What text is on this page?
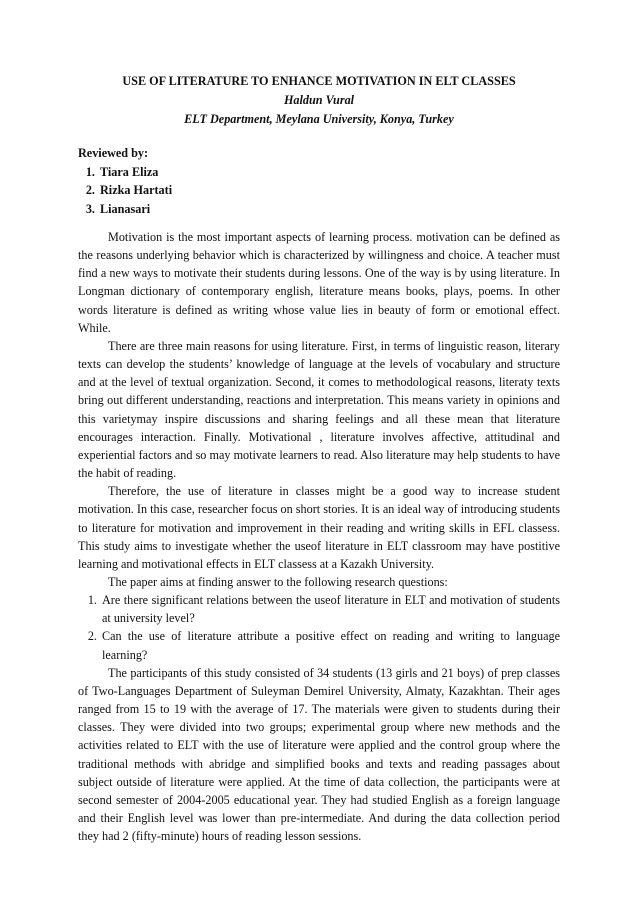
USE OF LITERATURE TO ENHANCE MOTIVATION IN ELT CLASSES

Haldun Vural

ELT Department, Meylana University, Konya, Turkey

Reviewed by:
1. Tiara Eliza
2. Rizka Hartati
3. Lianasari

Motivation is the most important aspects of learning process. motivation can be defined as the reasons underlying behavior which is characterized by willingness and choice. A teacher must find a new ways to motivate their students during lessons. One of the way is by using literature. In Longman dictionary of contemporary english, literature means books, plays, poems. In other words literature is defined as writing whose value lies in beauty of form or emotional effect. While.

There are three main reasons for using literature. First, in terms of linguistic reason, literary texts can develop the students’ knowledge of language at the levels of vocabulary and structure and at the level of textual organization. Second, it comes to methodological reasons, literaty texts bring out different understanding, reactions and interpretation. This means variety in opinions and this varietymay inspire discussions and sharing feelings and all these mean that literature encourages interaction. Finally. Motivational , literature involves affective, attitudinal and experiential factors and so may motivate learners to read. Also literature may help students to have the habit of reading.

Therefore, the use of literature in classes might be a good way to increase student motivation. In this case, researcher focus on short stories. It is an ideal way of introducing students to literature for motivation and improvement in their reading and writing skills in EFL classess. This study aims to investigate whether the useof literature in ELT classroom may have postitive learning and motivational effects in ELT classess at a Kazakh University.

The paper aims at finding answer to the following research questions:

1. Are there significant relations between the useof literature in ELT and motivation of students at university level?
2. Can the use of literature attribute a positive effect on reading and writing to language learning?

The participants of this study consisted of 34 students (13 girls and 21 boys) of prep classes of Two-Languages Department of Suleyman Demirel University, Almaty, Kazakhtan. Their ages ranged from 15 to 19 with the average of 17. The materials were given to students during their classes. They were divided into two groups; experimental group where new methods and the activities related to ELT with the use of literature were applied and the control group where the traditional methods with abridge and simplified books and texts and reading passages about subject outside of literature were applied. At the time of data collection, the participants were at second semester of 2004-2005 educational year. They had studied English as a foreign language and their English level was lower than pre-intermediate. And during the data collection period they had 2 (fifty-minute) hours of reading lesson sessions.
